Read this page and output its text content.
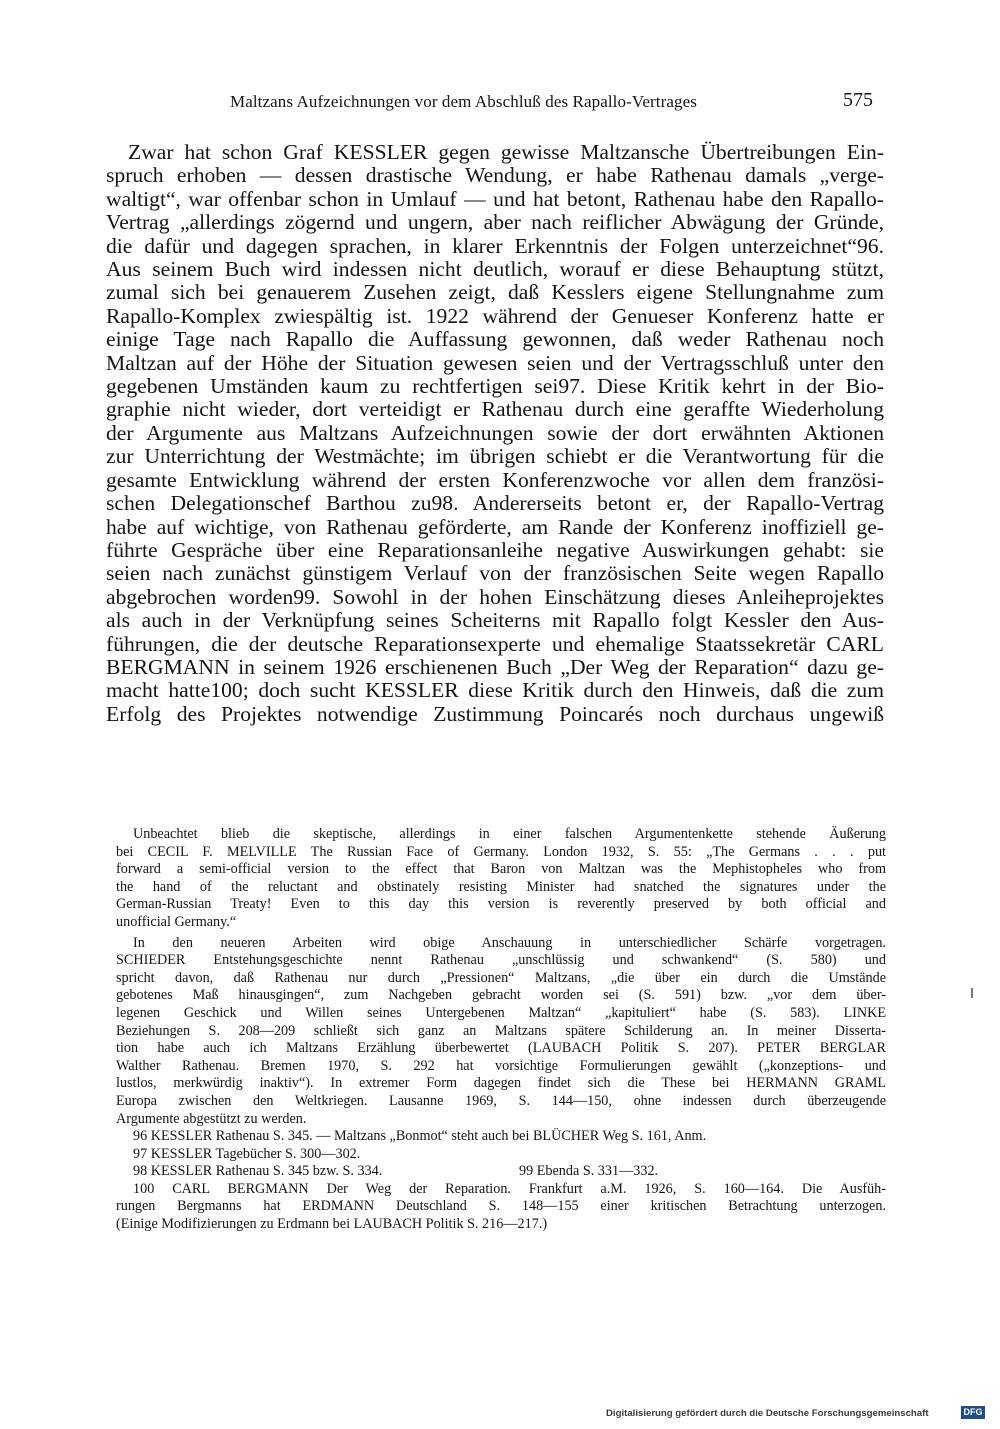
Maltzans Aufzeichnungen vor dem Abschluß des Rapallo-Vertrages	575
Zwar hat schon Graf KESSLER gegen gewisse Maltzansche Übertreibungen Ein-
spruch erhoben — dessen drastische Wendung, er habe Rathenau damals „verge-
waltigt“, war offenbar schon in Umlauf — und hat betont, Rathenau habe den Rapallo-
Vertrag „allerdings zögernd und ungern, aber nach reiflicher Abwägung der Gründe,
die dafür und dagegen sprachen, in klarer Erkenntnis der Folgen unterzeichnet“96.
Aus seinem Buch wird indessen nicht deutlich, worauf er diese Behauptung stützt,
zumal sich bei genauerem Zusehen zeigt, daß Kesslers eigene Stellungnahme zum
Rapallo-Komplex zwiespältig ist. 1922 während der Genueser Konferenz hatte er
einige Tage nach Rapallo die Auffassung gewonnen, daß weder Rathenau noch
Maltzan auf der Höhe der Situation gewesen seien und der Vertragsschluß unter den
gegebenen Umständen kaum zu rechtfertigen sei97. Diese Kritik kehrt in der Bio-
graphie nicht wieder, dort verteidigt er Rathenau durch eine geraffte Wiederholung
der Argumente aus Maltzans Aufzeichnungen sowie der dort erwähnten Aktionen
zur Unterrichtung der Westmächte; im übrigen schiebt er die Verantwortung für die
gesamte Entwicklung während der ersten Konferenzwoche vor allen dem französi-
schen Delegationschef Barthou zu98. Andererseits betont er, der Rapallo-Vertrag
habe auf wichtige, von Rathenau geförderte, am Rande der Konferenz inoffiziell ge-
führte Gespräche über eine Reparationsanleihe negative Auswirkungen gehabt: sie
seien nach zunächst günstigem Verlauf von der französischen Seite wegen Rapallo
abgebrochen worden99. Sowohl in der hohen Einschätzung dieses Anleiheprojektes
als auch in der Verknüpfung seines Scheiterns mit Rapallo folgt Kessler den Aus-
führungen, die der deutsche Reparationsexperte und ehemalige Staatssekretär CARL
BERGMANN in seinem 1926 erschienenen Buch „Der Weg der Reparation“ dazu ge-
macht hatte100; doch sucht KESSLER diese Kritik durch den Hinweis, daß die zum
Erfolg des Projektes notwendige Zustimmung Poincarés noch durchaus ungewiß
Unbeachtet blieb die skeptische, allerdings in einer falschen Argumentenkette stehende Äußerung
bei CECIL F. MELVILLE The Russian Face of Germany. London 1932, S. 55: „The Germans . . . put
forward a semi-official version to the effect that Baron von Maltzan was the Mephistopheles who from
the hand of the reluctant and obstinately resisting Minister had snatched the signatures under the
German-Russian Treaty! Even to this day this version is reverently preserved by both official and
unofficial Germany.“
In den neueren Arbeiten wird obige Anschauung in unterschiedlicher Schärfe vorgetragen.
SCHIEDER Entstehungsgeschichte nennt Rathenau „unschlüssig und schwankend“ (S. 580) und
spricht davon, daß Rathenau nur durch „Pressionen“ Maltzans, „die über ein durch die Umstände
gebotenes Maß hinausgingen“, zum Nachgeben gebracht worden sei (S. 591) bzw. „vor dem über-
legenen Geschick und Willen seines Untergebenen Maltzan“ „kapituliert“ habe (S. 583). LINKE
Beziehungen S. 208—209 schließt sich ganz an Maltzans spätere Schilderung an. In meiner Disserta-
tion habe auch ich Maltzans Erzählung überbewertet (LAUBACH Politik S. 207). PETER BERGLAR
Walther Rathenau. Bremen 1970, S. 292 hat vorsichtige Formulierungen gewählt („konzeptions- und
lustlos, merkwürdig inaktiv“). In extremer Form dagegen findet sich die These bei HERMANN GRAML
Europa zwischen den Weltkriegen. Lausanne 1969, S. 144—150, ohne indessen durch überzeugende
Argumente abgestützt zu werden.
96 KESSLER Rathenau S. 345. — Maltzans „Bonmot“ steht auch bei BLÜCHER Weg S. 161, Anm.
97 KESSLER Tagebücher S. 300—302.
98 KESSLER Rathenau S. 345 bzw. S. 334.	99 Ebenda S. 331—332.
100 CARL BERGMANN Der Weg der Reparation. Frankfurt a.M. 1926, S. 160—164. Die Ausfüh-
rungen Bergmanns hat ERDMANN Deutschland S. 148—155 einer kritischen Betrachtung unterzogen.
(Einige Modifizierungen zu Erdmann bei LAUBACH Politik S. 216—217.)
Digitalisierung gefördert durch die Deutsche Forschungsgemeinschaft	DFG
